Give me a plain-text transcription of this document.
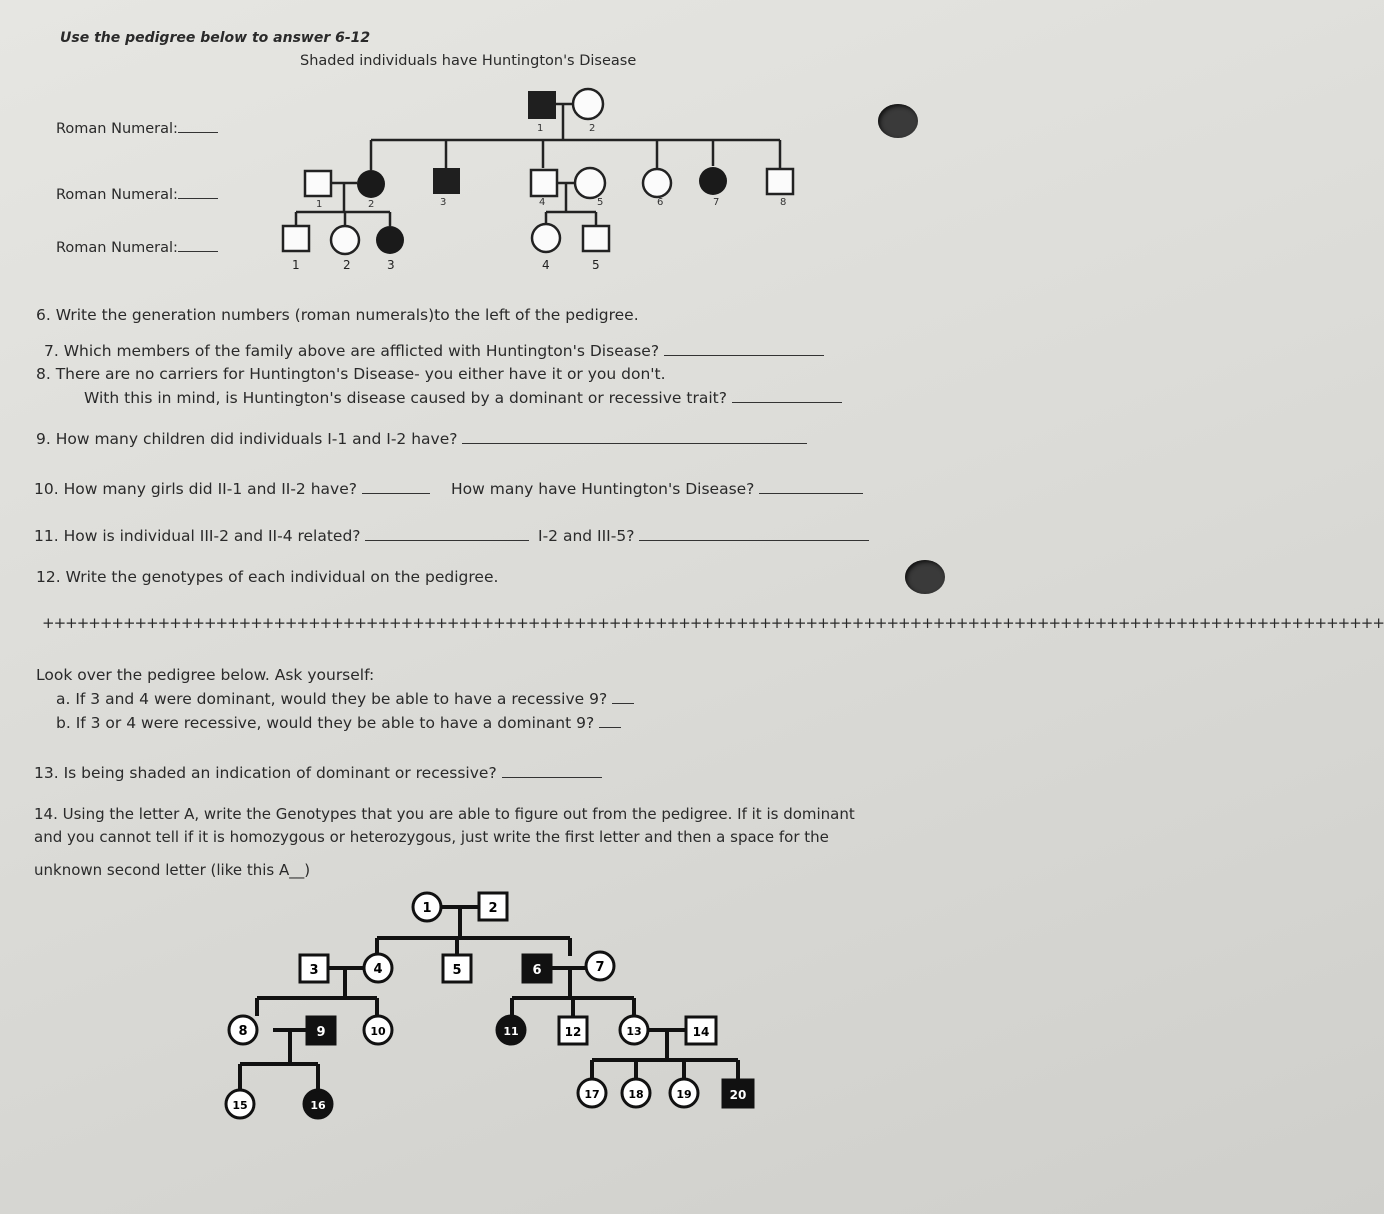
Use the pedigree below to answer 6-12
Shaded individuals have Huntington's Disease
Roman Numeral:
Roman Numeral:
Roman Numeral:
1	2
1	2	3	4	5	6	7	8
1	2	3	4	5
6. Write the generation numbers (roman numerals)to the left of the pedigree.
7. Which members of the family above are afflicted with Huntington's Disease?
8. There are no carriers for Huntington's Disease- you either have it or you don't.
With this in mind, is Huntington's disease caused by a dominant or recessive trait?
9. How many children did individuals I-1 and I-2 have?
10. How many girls did II-1 and II-2 have?	How many have Huntington's Disease?
11. How is individual III-2 and II-4 related?	I-2 and III-5?
12. Write the genotypes of each individual on the pedigree.
++++++++++++++++++++++++++++++++++++++++++++++++++++++++++++++++++++++++++++++++++++++++++++++++++++++++++++++++++++
Look over the pedigree below. Ask yourself:
a. If 3 and 4 were dominant, would they be able to have a recessive 9?
b. If 3 or 4 were recessive, would they be able to have a dominant 9?
13. Is being shaded an indication of dominant or recessive?
14. Using the letter A, write the Genotypes that you are able to figure out from the pedigree. If it is dominant
and you cannot tell if it is homozygous or heterozygous, just write the first letter and then a space for the
unknown second letter (like this A__)
1	2
3	4	5	6	7
8	9	10	11	12	13	14
15	16
17	18	19	20
